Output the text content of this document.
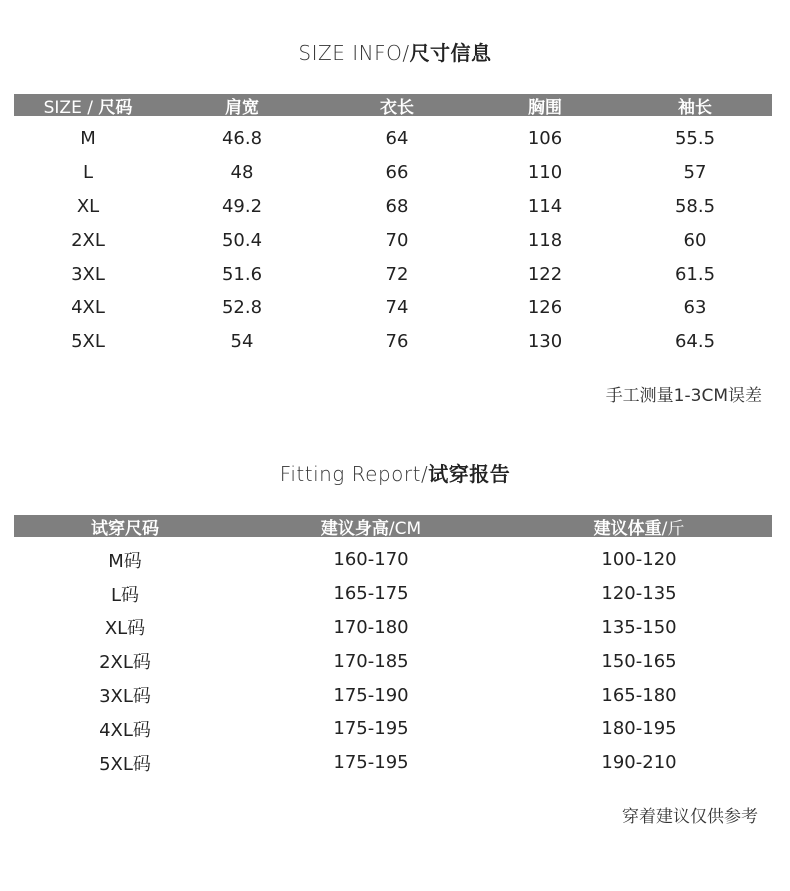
SIZE INFO/尺寸信息
SIZE / 尺码	肩宽	衣长	胸围	袖长
M	46.8	64	106	55.5
L	48	66	110	57
XL	49.2	68	114	58.5
2XL	50.4	70	118	60
3XL	51.6	72	122	61.5
4XL	52.8	74	126	63
5XL	54	76	130	64.5
手工测量1-3CM误差
Fitting Report/试穿报告
试穿尺码	建议身高/CM	建议体重/斤
M码	160-170	100-120
L码	165-175	120-135
XL码	170-180	135-150
2XL码	170-185	150-165
3XL码	175-190	165-180
4XL码	175-195	180-195
5XL码	175-195	190-210
穿着建议仅供参考
